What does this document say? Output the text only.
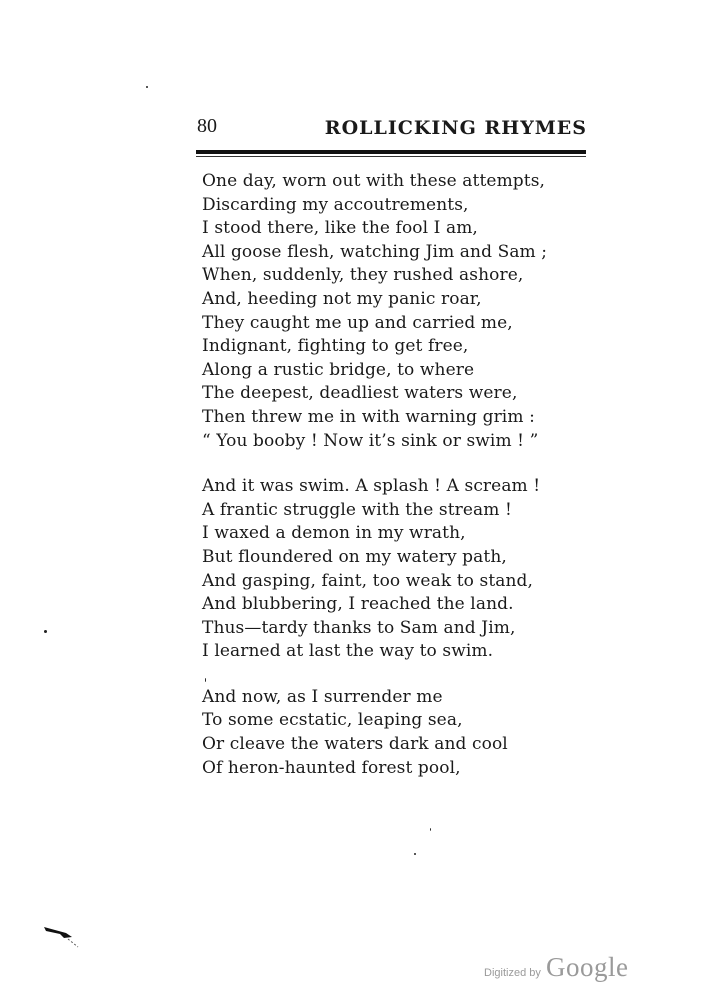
80	ROLLICKING RHYMES
One day, worn out with these attempts,
Discarding my accoutrements,
I stood there, like the fool I am,
All goose flesh, watching Jim and Sam ;
When, suddenly, they rushed ashore,
And, heeding not my panic roar,
They caught me up and carried me,
Indignant, fighting to get free,
Along a rustic bridge, to where
The deepest, deadliest waters were,
Then threw me in with warning grim :
“ You booby ! Now it’s sink or swim ! ”
And it was swim. A splash ! A scream !
A frantic struggle with the stream !
I waxed a demon in my wrath,
But floundered on my watery path,
And gasping, faint, too weak to stand,
And blubbering, I reached the land.
Thus—tardy thanks to Sam and Jim,
I learned at last the way to swim.
And now, as I surrender me
To some ecstatic, leaping sea,
Or cleave the waters dark and cool
Of heron-haunted forest pool,
Digitized by Google
